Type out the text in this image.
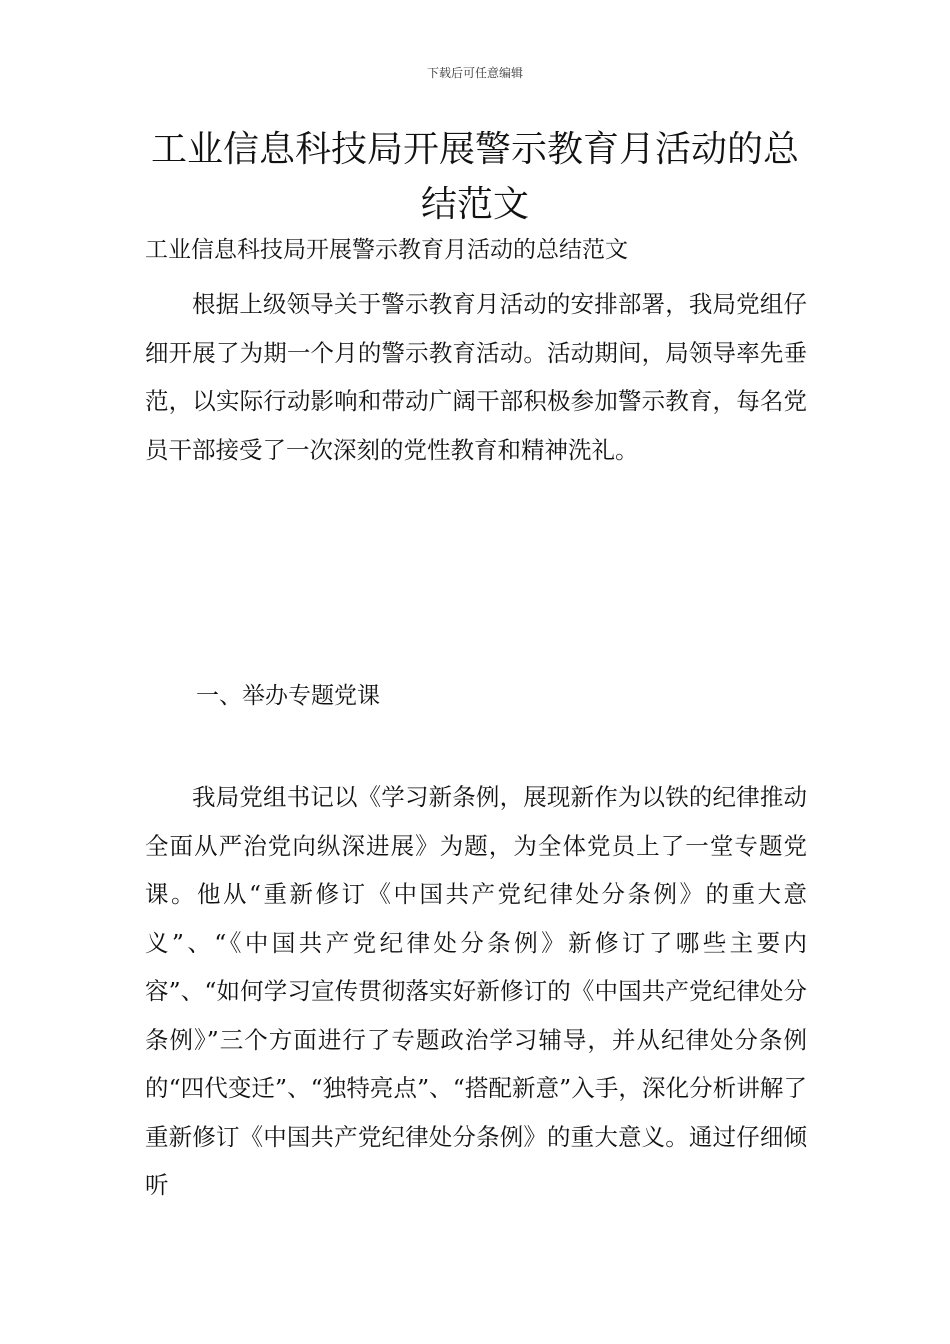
下载后可任意编辑
工业信息科技局开展警示教育月活动的总结范文

工业信息科技局开展警示教育月活动的总结范文

根据上级领导关于警示教育月活动的安排部署，我局党组仔细开展了为期一个月的警示教育活动。活动期间，局领导率先垂范，以实际行动影响和带动广阔干部积极参加警示教育，每名党员干部接受了一次深刻的党性教育和精神洗礼。

一、举办专题党课

我局党组书记以《学习新条例，展现新作为以铁的纪律推动全面从严治党向纵深进展》为题，为全体党员上了一堂专题党课。他从“重新修订《中国共产党纪律处分条例》的重大意义”、“《中国共产党纪律处分条例》新修订了哪些主要内容”、“如何学习宣传贯彻落实好新修订的《中国共产党纪律处分条例》”三个方面进行了专题政治学习辅导，并从纪律处分条例的“四代变迁”、“独特亮点”、“搭配新意”入手，深化分析讲解了重新修订《中国共产党纪律处分条例》的重大意义。通过仔细倾听
